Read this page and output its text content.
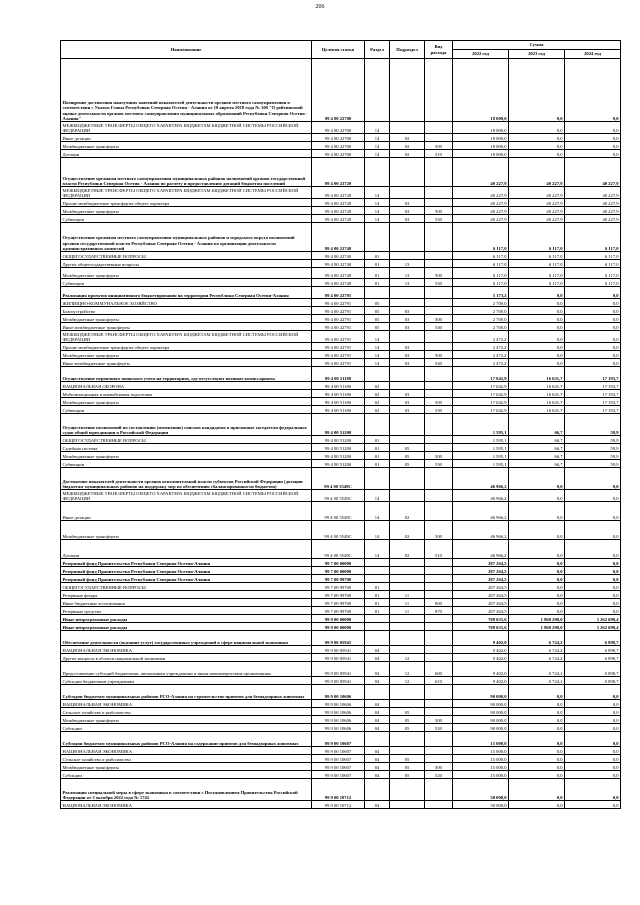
206
Наименование	Целевая статья	Раздел	Подраздел	Вид расхода	Сумма		
					2022 год	2023 год	2024 год
Поощрение достижения наилучших значений показателей деятельности органов местного самоуправления в соответствии с Указом Главы Республики Северная Осетия - Алания от 10 апреля 2018 года № 100 "О рейтинговой оценке деятельности органов местного самоуправления муниципальных образований Республики Северная Осетия - Алания"	99 4 00 22700				18 000,0	0,0	0,0
МЕЖБЮДЖЕТНЫЕ ТРАНСФЕРТЫ ОБЩЕГО ХАРАКТЕРА БЮДЖЕТАМ БЮДЖЕТНОЙ СИСТЕМЫ РОССИЙСКОЙ ФЕДЕРАЦИИ	99 4 00 22700	14			18 000,0	0,0	0,0
Иные дотации	99 4 00 22700	14	02		18 000,0	0,0	0,0
Межбюджетные трансферты	99 4 00 22700	14	02	500	18 000,0	0,0	0,0
Дотации	99 4 00 22700	14	02	510	18 000,0	0,0	0,0
Осуществление органами местного самоуправления муниципальных районов полномочий органов государственной власти Республики Северная Осетия - Алания по расчету и предоставлению дотаций бюджетам поселений	99 4 00 22720				40 227,9	40 227,9	40 227,9
МЕЖБЮДЖЕТНЫЕ ТРАНСФЕРТЫ ОБЩЕГО ХАРАКТЕРА БЮДЖЕТАМ БЮДЖЕТНОЙ СИСТЕМЫ РОССИЙСКОЙ ФЕДЕРАЦИИ	99 4 00 22720	14			40 227,9	40 227,9	40 227,9
Прочие межбюджетные трансферты общего характера	99 4 00 22720	14	03		40 227,9	40 227,9	40 227,9
Межбюджетные трансферты	99 4 00 22720	14	03	500	40 227,9	40 227,9	40 227,9
Субвенции	99 4 00 22720	14	03	530	40 227,9	40 227,9	40 227,9
Осуществление органами местного самоуправления муниципальных районов и городского округа полномочий органов государственной власти Республики Северная Осетия - Алания по организации деятельности административных комиссий	99 4 00 22740				6 117,0	6 117,0	6 117,0
ОБЩЕГОСУДАРСТВЕННЫЕ ВОПРОСЫ	99 4 00 22740	01			6 117,0	6 117,0	6 117,0
Другие общегосударственные вопросы	99 4 00 22740	01	13		6 117,0	6 117,0	6 117,0
Межбюджетные трансферты	99 4 00 22740	01	13	500	6 117,0	6 117,0	6 117,0
Субвенции	99 4 00 22740	01	13	530	6 117,0	6 117,0	6 117,0
Реализация проектов инициативного бюджетирования на территории Республики Северная Осетия-Алания	99 4 00 22791				5 173,2	0,0	0,0
ЖИЛИЩНО-КОММУНАЛЬНОЕ ХОЗЯЙСТВО	99 4 00 22791	05			2 700,0	0,0	0,0
Благоустройство	99 4 00 22791	05	03		2 700,0	0,0	0,0
Межбюджетные трансферты	99 4 00 22791	05	03	500	2 700,0	0,0	0,0
Иные межбюджетные трансферты	99 4 00 22791	05	03	540	2 700,0	0,0	0,0
МЕЖБЮДЖЕТНЫЕ ТРАНСФЕРТЫ ОБЩЕГО ХАРАКТЕРА БЮДЖЕТАМ БЮДЖЕТНОЙ СИСТЕМЫ РОССИЙСКОЙ ФЕДЕРАЦИИ	99 4 00 22791	14			2 473,2	0,0	0,0
Прочие межбюджетные трансферты общего характера	99 4 00 22791	14	03		2 473,2	0,0	0,0
Межбюджетные трансферты	99 4 00 22791	14	03	500	2 473,2	0,0	0,0
Иные межбюджетные трансферты	99 4 00 22791	14	03	540	2 473,2	0,0	0,0
Осуществление первичного воинского учета на территориях, где отсутствуют военные комиссариаты	99 4 00 51180				17 042,9	16 631,7	17 193,7
НАЦИОНАЛЬНАЯ ОБОРОНА	99 4 00 51180	02			17 042,9	16 631,7	17 193,7
Мобилизационная и вневойсковая подготовка	99 4 00 51180	02	03		17 042,9	16 631,7	17 193,7
Межбюджетные трансферты	99 4 00 51180	02	03	500	17 042,9	16 631,7	17 193,7
Субвенции	99 4 00 51180	02	03	530	17 042,9	16 631,7	17 193,7
Осуществление полномочий по составлению (изменению) списков кандидатов в присяжные заседатели федеральных судов общей юрисдикции в Российской Федерации	99 4 00 51200				1 595,1	66,7	59,9
ОБЩЕГОСУДАРСТВЕННЫЕ ВОПРОСЫ	99 4 00 51200	01			1 595,1	66,7	59,9
Судебная система	99 4 00 51200	01	05		1 595,1	66,7	59,9
Межбюджетные трансферты	99 4 00 51200	01	05	500	1 595,1	66,7	59,9
Субвенции	99 4 00 51200	01	05	530	1 595,1	66,7	59,9
Достижение показателей деятельности органов исполнительной власти субъектов Российской Федерации (дотации бюджетам муниципальных районов на поддержку мер по обеспечению сбалансированности бюджетов)	99 4 00 5549С				46 966,2	0,0	0,0
МЕЖБЮДЖЕТНЫЕ ТРАНСФЕРТЫ ОБЩЕГО ХАРАКТЕРА БЮДЖЕТАМ БЮДЖЕТНОЙ СИСТЕМЫ РОССИЙСКОЙ ФЕДЕРАЦИИ	99 4 00 5549С	14			46 966,2	0,0	0,0
Иные дотации	99 4 00 5549С	14	02		46 966,2	0,0	0,0
Межбюджетные трансферты	99 4 00 5549С	14	02	500	46 966,2	0,0	0,0
Дотации	99 4 00 5549С	14	02	510	46 966,2	0,0	0,0
Резервный фонд Правительства Республики Северная Осетия-Алания	99 7 00 00000				287 264,5	0,0	0,0
Резервный фонд Правительства Республики Северная Осетия-Алания	99 7 00 00000				287 264,5	0,0	0,0
Резервный фонд Правительства Республики Северная Осетия-Алания	99 7 00 99700				287 264,5	0,0	0,0
ОБЩЕГОСУДАРСТВЕННЫЕ ВОПРОСЫ	99 7 00 99700	01			287 264,5	0,0	0,0
Резервные фонды	99 7 00 99700	01	11		287 264,5	0,0	0,0
Иные бюджетные ассигнования	99 7 00 99700	01	11	800	287 264,5	0,0	0,0
Резервные средства	99 7 00 99700	01	11	870	287 264,5	0,0	0,0
Иные непрограммные расходы	99 9 00 00000				708 655,6	1 860 298,0	1 262 699,4
Иные непрограммные расходы	99 9 00 00000				708 655,6	1 860 298,0	1 262 699,4
Обеспечение деятельности (оказание услуг) государственных учреждений в сфере национальной экономики	99 9 00 05941				9 402,0	6 724,2	6 898,7
НАЦИОНАЛЬНАЯ ЭКОНОМИКА	99 9 00 05941	04			9 402,0	6 724,2	6 898,7
Другие вопросы в области национальной экономики	99 9 00 05941	04	12		9 402,0	6 724,2	6 898,7
Предоставление субсидий бюджетным, автономным учреждениям и иным некоммерческим организациям	99 9 00 05941	04	12	600	9 402,0	6 724,2	6 898,7
Субсидии бюджетным учреждениям	99 9 00 05941	04	12	610	9 402,0	6 724,2	6 898,7
Субсидии бюджетам муниципальных районов РСО-Алания на строительство приютов для безнадзорных животных	99 9 00 10606				90 000,0	0,0	0,0
НАЦИОНАЛЬНАЯ ЭКОНОМИКА	99 9 00 10606	04			90 000,0	0,0	0,0
Сельское хозяйство и рыболовство	99 9 00 10606	04	05		90 000,0	0,0	0,0
Межбюджетные трансферты	99 9 00 10606	04	05	500	90 000,0	0,0	0,0
Субсидии	99 9 00 10606	04	05	520	90 000,0	0,0	0,0
Субсидии бюджетам муниципальных районов РСО-Алания на содержание приютов для безнадзорных животных	99 9 00 10607				15 000,0	0,0	0,0
НАЦИОНАЛЬНАЯ ЭКОНОМИКА	99 9 00 10607	04			15 000,0	0,0	0,0
Сельское хозяйство и рыболовство	99 9 00 10607	04	05		15 000,0	0,0	0,0
Межбюджетные трансферты	99 9 00 10607	04	05	500	15 000,0	0,0	0,0
Субсидии	99 9 00 10607	04	05	520	15 000,0	0,0	0,0
Реализация специальной меры в сфере экономики в соответствии с Постановлением Правительства Российской Федерации от 3 октября 2022 года № 1745	99 9 00 10712				30 000,0	0,0	0,0
НАЦИОНАЛЬНАЯ ЭКОНОМИКА	99 9 00 10712	04			30 000,0	0,0	0,0
